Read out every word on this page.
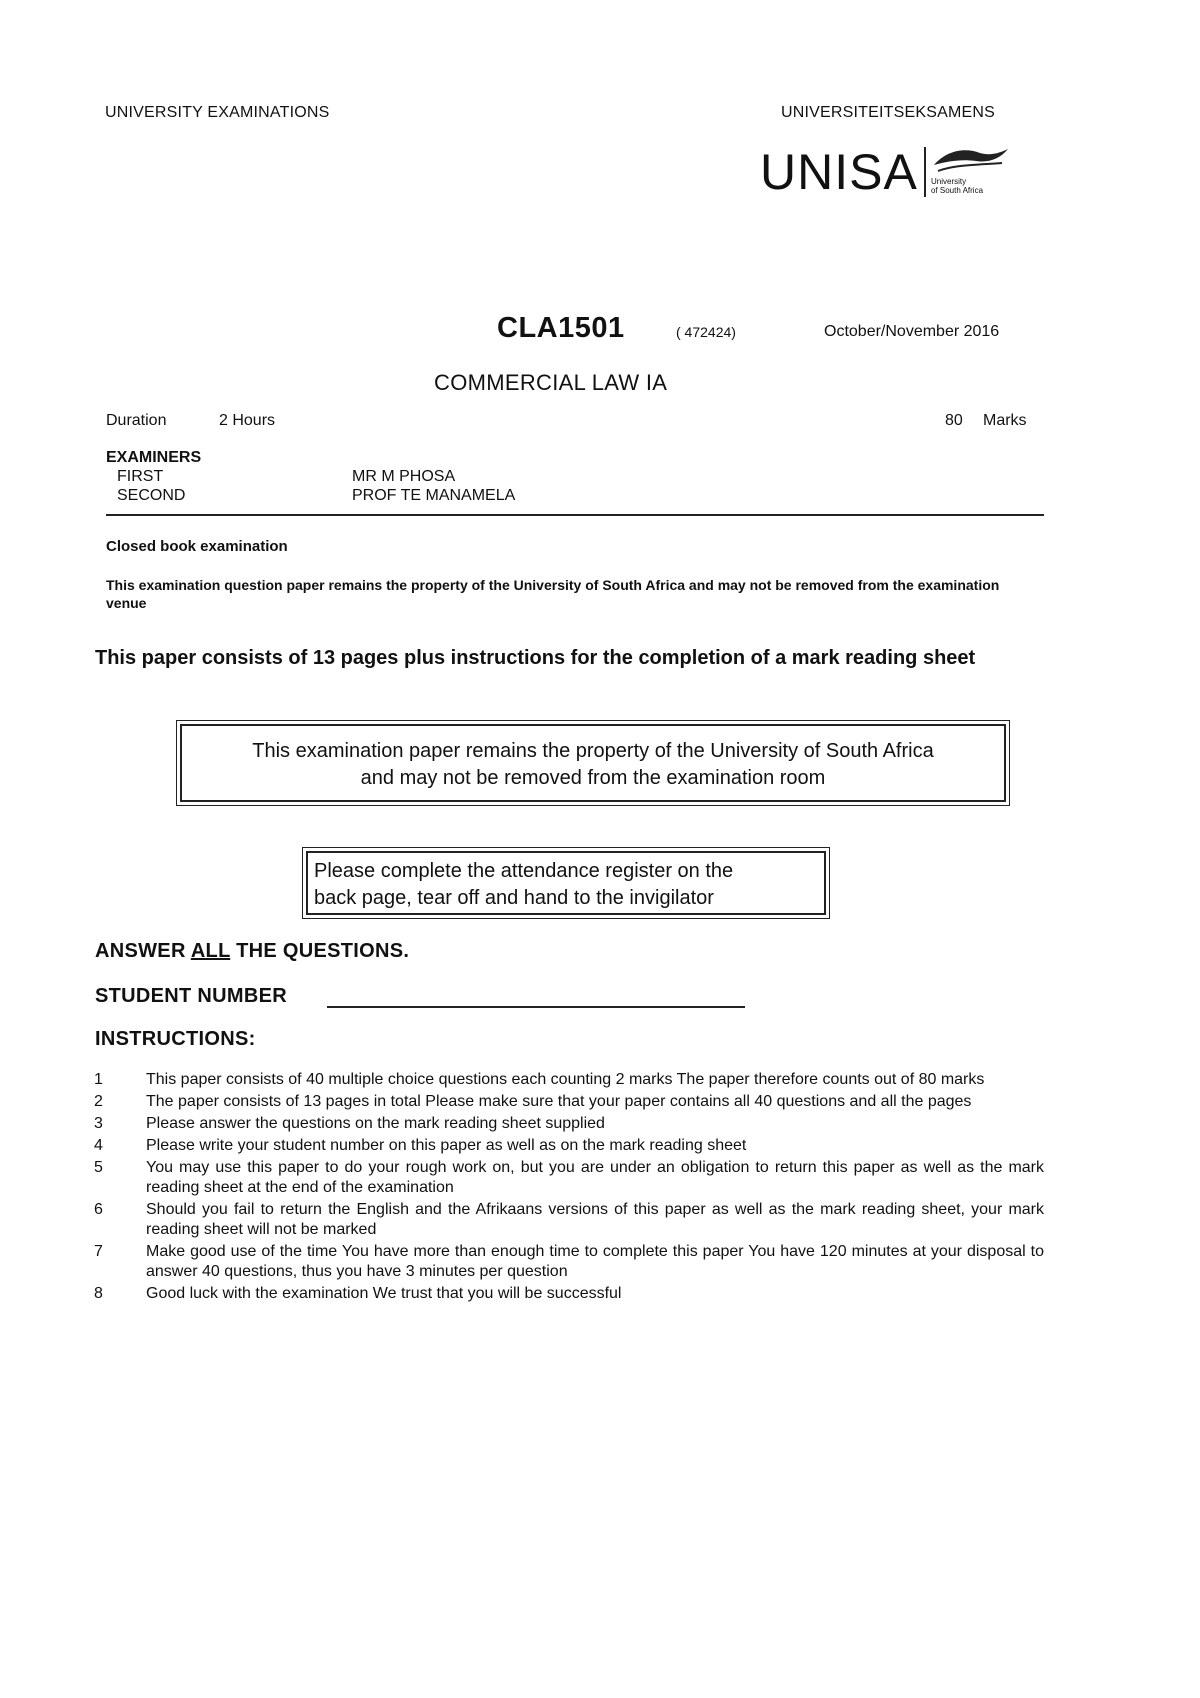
UNIVERSITY EXAMINATIONS	UNIVERSITEITSEKSAMENS
UNISA University
of South Africa
CLA1501	( 472424)	October/November 2016
COMMERCIAL LAW IA
Duration	2 Hours	80 Marks
EXAMINERS
FIRST	MR M PHOSA
SECOND	PROF TE MANAMELA
Closed book examination
This examination question paper remains the property of the University of South Africa and may not be removed from the examination venue
This paper consists of 13 pages plus instructions for the completion of a mark reading sheet
This examination paper remains the property of the University of South Africa
and may not be removed from the examination room
Please complete the attendance register on the
back page, tear off and hand to the invigilator
ANSWER ALL THE QUESTIONS.
STUDENT NUMBER
INSTRUCTIONS:
1	This paper consists of 40 multiple choice questions each counting 2 marks The paper therefore counts out of 80 marks
2	The paper consists of 13 pages in total Please make sure that your paper contains all 40 questions and all the pages
3	Please answer the questions on the mark reading sheet supplied
4	Please write your student number on this paper as well as on the mark reading sheet
5	You may use this paper to do your rough work on, but you are under an obligation to return this paper as well as the mark reading sheet at the end of the examination
6	Should you fail to return the English and the Afrikaans versions of this paper as well as the mark reading sheet, your mark reading sheet will not be marked
7	Make good use of the time You have more than enough time to complete this paper You have 120 minutes at your disposal to answer 40 questions, thus you have 3 minutes per question
8	Good luck with the examination We trust that you will be successful
